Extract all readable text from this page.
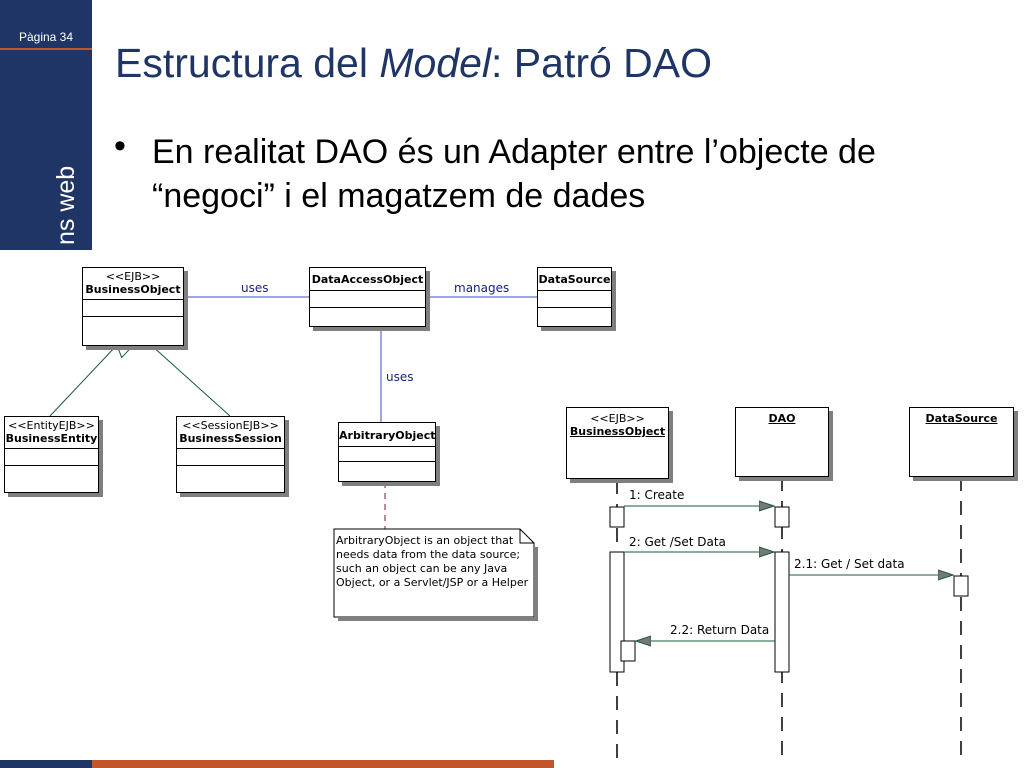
Pàgina 34
ns web
Estructura del Model: Patró DAO
• En realitat DAO és un Adapter entre l’objecte de “negoci” i el magatzem de dades
<<EJB>>
BusinessObject
DataAccessObject	DataSource
<<EntityEJB>>
BusinessEntity
<<SessionEJB>>
BusinessSession	ArbitraryObject
uses	manages
uses
ArbitraryObject is an object that needs data from the data source; such an object can be any Java Object, or a Servlet/JSP or a Helper
<<EJB>>
BusinessObject
DAO	DataSource
1: Create
2: Get /Set Data
2.1: Get / Set data
2.2: Return Data
